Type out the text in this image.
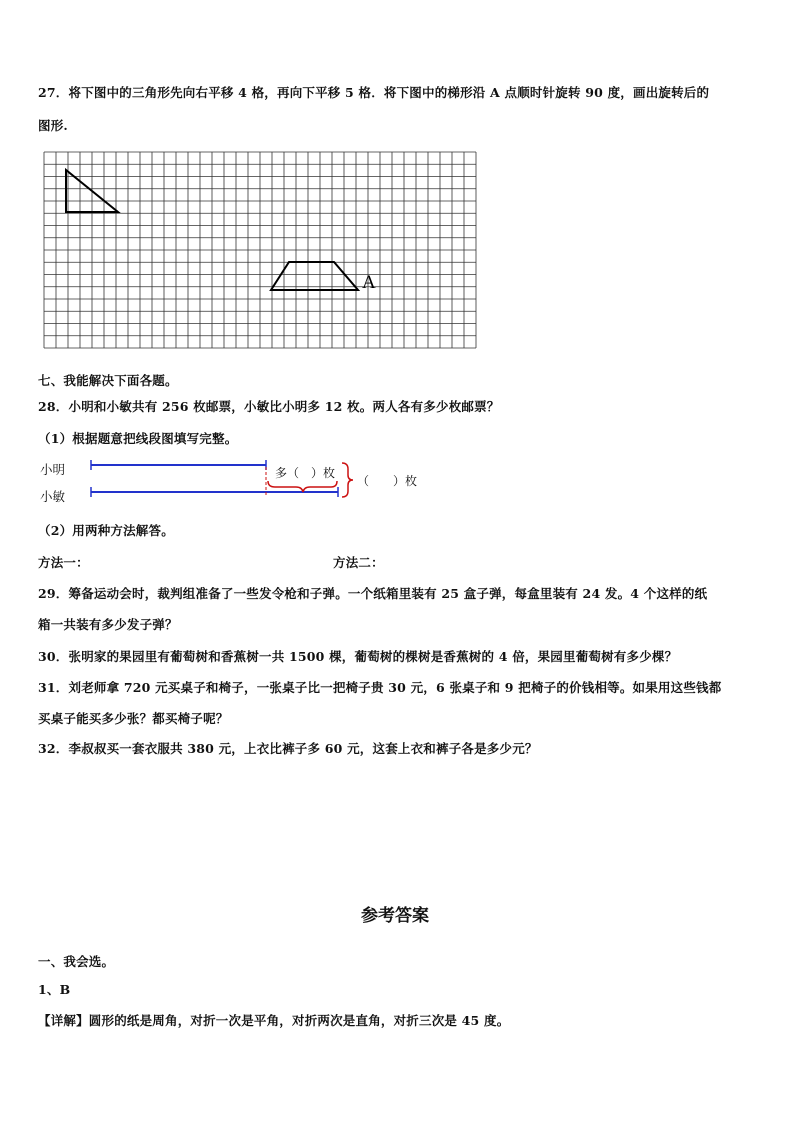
27．将下图中的三角形先向右平移 4 格，再向下平移 5 格．将下图中的梯形沿 A 点顺时针旋转 90 度，画出旋转后的
图形.
A
七、我能解决下面各题。
28．小明和小敏共有 256 枚邮票，小敏比小明多 12 枚。两人各有多少枚邮票？
（1）根据题意把线段图填写完整。
小明
小敏
多（　）枚
（　　）枚
（2）用两种方法解答。
方法一：	方法二：
29．筹备运动会时，裁判组准备了一些发令枪和子弹。一个纸箱里装有 25 盒子弹，每盒里装有 24 发。4 个这样的纸
箱一共装有多少发子弹？
30．张明家的果园里有葡萄树和香蕉树一共 1500 棵，葡萄树的棵树是香蕉树的 4 倍，果园里葡萄树有多少棵？
31．刘老师拿 720 元买桌子和椅子，一张桌子比一把椅子贵 30 元，6 张桌子和 9 把椅子的价钱相等。如果用这些钱都
买桌子能买多少张？都买椅子呢？
32．李叔叔买一套衣服共 380 元，上衣比裤子多 60 元，这套上衣和裤子各是多少元？
参考答案
一、我会选。
1、B
【详解】圆形的纸是周角，对折一次是平角，对折两次是直角，对折三次是 45 度。
